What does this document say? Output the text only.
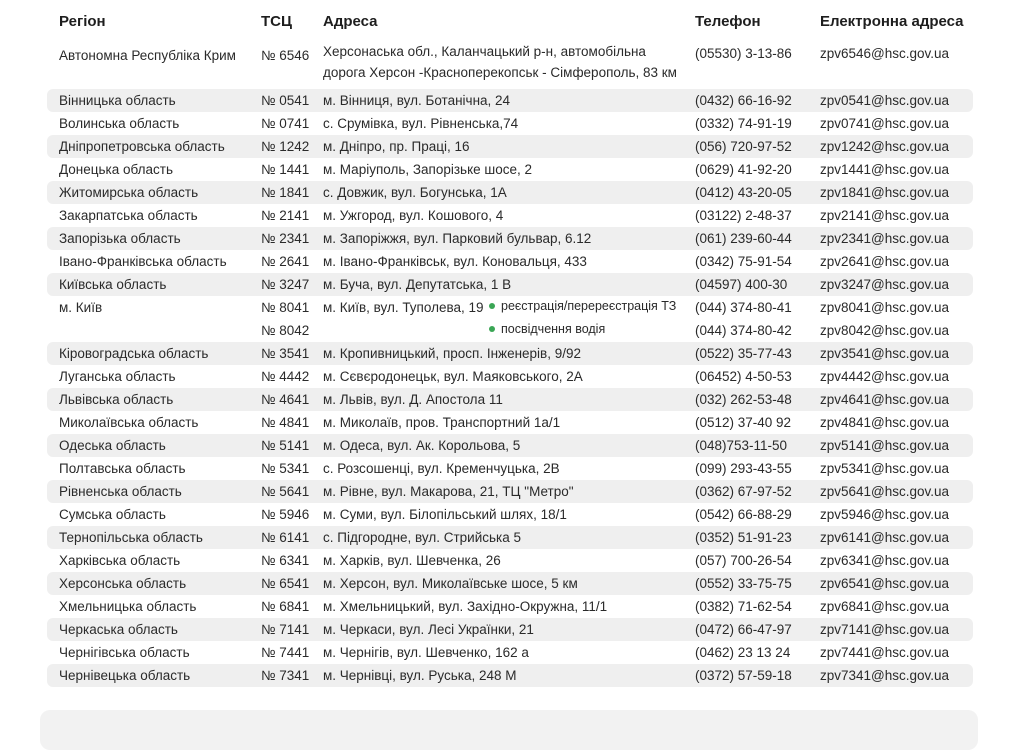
Регіон	ТСЦ Адреса	Телефон	Електронна адреса
Автономна Республіка Крим № 6546 Херсонаська обл., Каланчацький р-н, автомобільна
дорога Херсон -Красноперекопськ - Сімферополь, 83 км
(05530) 3-13-86 zpv6546@hsc.gov.ua
Вінницька область	№ 0541 м. Вінниця, вул. Ботанічна, 24	(0432) 66-16-92 zpv0541@hsc.gov.ua
Волинська область	№ 0741 с. Срумівка, вул. Рівненська,74	(0332) 74-91-19 zpv0741@hsc.gov.ua
Дніпропетровська область	№ 1242 м. Дніпро, пр. Праці, 16	(056) 720-97-52 zpv1242@hsc.gov.ua
Донецька область	№ 1441 м. Маріуполь, Запорізьке шосе, 2	(0629) 41-92-20 zpv1441@hsc.gov.ua
Житомирська область	№ 1841 с. Довжик, вул. Богунська, 1А	(0412) 43-20-05 zpv1841@hsc.gov.ua
Закарпатська область	№ 2141 м. Ужгород, вул. Кошового, 4	(03122) 2-48-37 zpv2141@hsc.gov.ua
Запорізька область	№ 2341 м. Запоріжжя, вул. Парковий бульвар, 6.12	(061) 239-60-44 zpv2341@hsc.gov.ua
Івано-Франківська область	№ 2641 м. Івано-Франківськ, вул. Коновальця, 433	(0342) 75-91-54 zpv2641@hsc.gov.ua
Київська область	№ 3247 м. Буча, вул. Депутатська, 1 В	(04597) 400-30 zpv3247@hsc.gov.ua
м. Київ	№ 8041 м. Київ, вул. Туполева, 19	реєстрація/перереєстрація ТЗ (044) 374-80-41 zpv8041@hsc.gov.ua
№ 8042	посвідчення водія	(044) 374-80-42 zpv8042@hsc.gov.ua
Кіровоградська область	№ 3541 м. Кропивницький, просп. Інженерів, 9/92	(0522) 35-77-43 zpv3541@hsc.gov.ua
Луганська область	№ 4442 м. Сєвєродонецьк, вул. Маяковського, 2А	(06452) 4-50-53 zpv4442@hsc.gov.ua
Львівська область	№ 4641 м. Львів, вул. Д. Апостола 11	(032) 262-53-48 zpv4641@hsc.gov.ua
Миколаївська область	№ 4841 м. Миколаїв, пров. Транспортний 1а/1	(0512) 37-40 92 zpv4841@hsc.gov.ua
Одеська область	№ 5141 м. Одеса, вул. Ак. Корольова, 5	(048)753-11-50 zpv5141@hsc.gov.ua
Полтавська область	№ 5341 с. Розсошенці, вул. Кременчуцька, 2В	(099) 293-43-55 zpv5341@hsc.gov.ua
Рівненська область	№ 5641 м. Рівне, вул. Макарова, 21, ТЦ "Метро"	(0362) 67-97-52 zpv5641@hsc.gov.ua
Сумська область	№ 5946 м. Суми, вул. Білопільський шлях, 18/1	(0542) 66-88-29 zpv5946@hsc.gov.ua
Тернопільська область	№ 6141 с. Підгородне, вул. Стрийська 5	(0352) 51-91-23 zpv6141@hsc.gov.ua
Харківська область	№ 6341 м. Харків, вул. Шевченка, 26	(057) 700-26-54 zpv6341@hsc.gov.ua
Херсонська область	№ 6541 м. Херсон, вул. Миколаївське шосе, 5 км	(0552) 33-75-75 zpv6541@hsc.gov.ua
Хмельницька область	№ 6841 м. Хмельницький, вул. Західно-Окружна, 11/1	(0382) 71-62-54 zpv6841@hsc.gov.ua
Черкаська область	№ 7141 м. Черкаси, вул. Лесі Українки, 21	(0472) 66-47-97 zpv7141@hsc.gov.ua
Чернігівська область	№ 7441 м. Чернігів, вул. Шевченко, 162 а	(0462) 23 13 24 zpv7441@hsc.gov.ua
Чернівецька область	№ 7341 м. Чернівці, вул. Руська, 248 М	(0372) 57-59-18 zpv7341@hsc.gov.ua
